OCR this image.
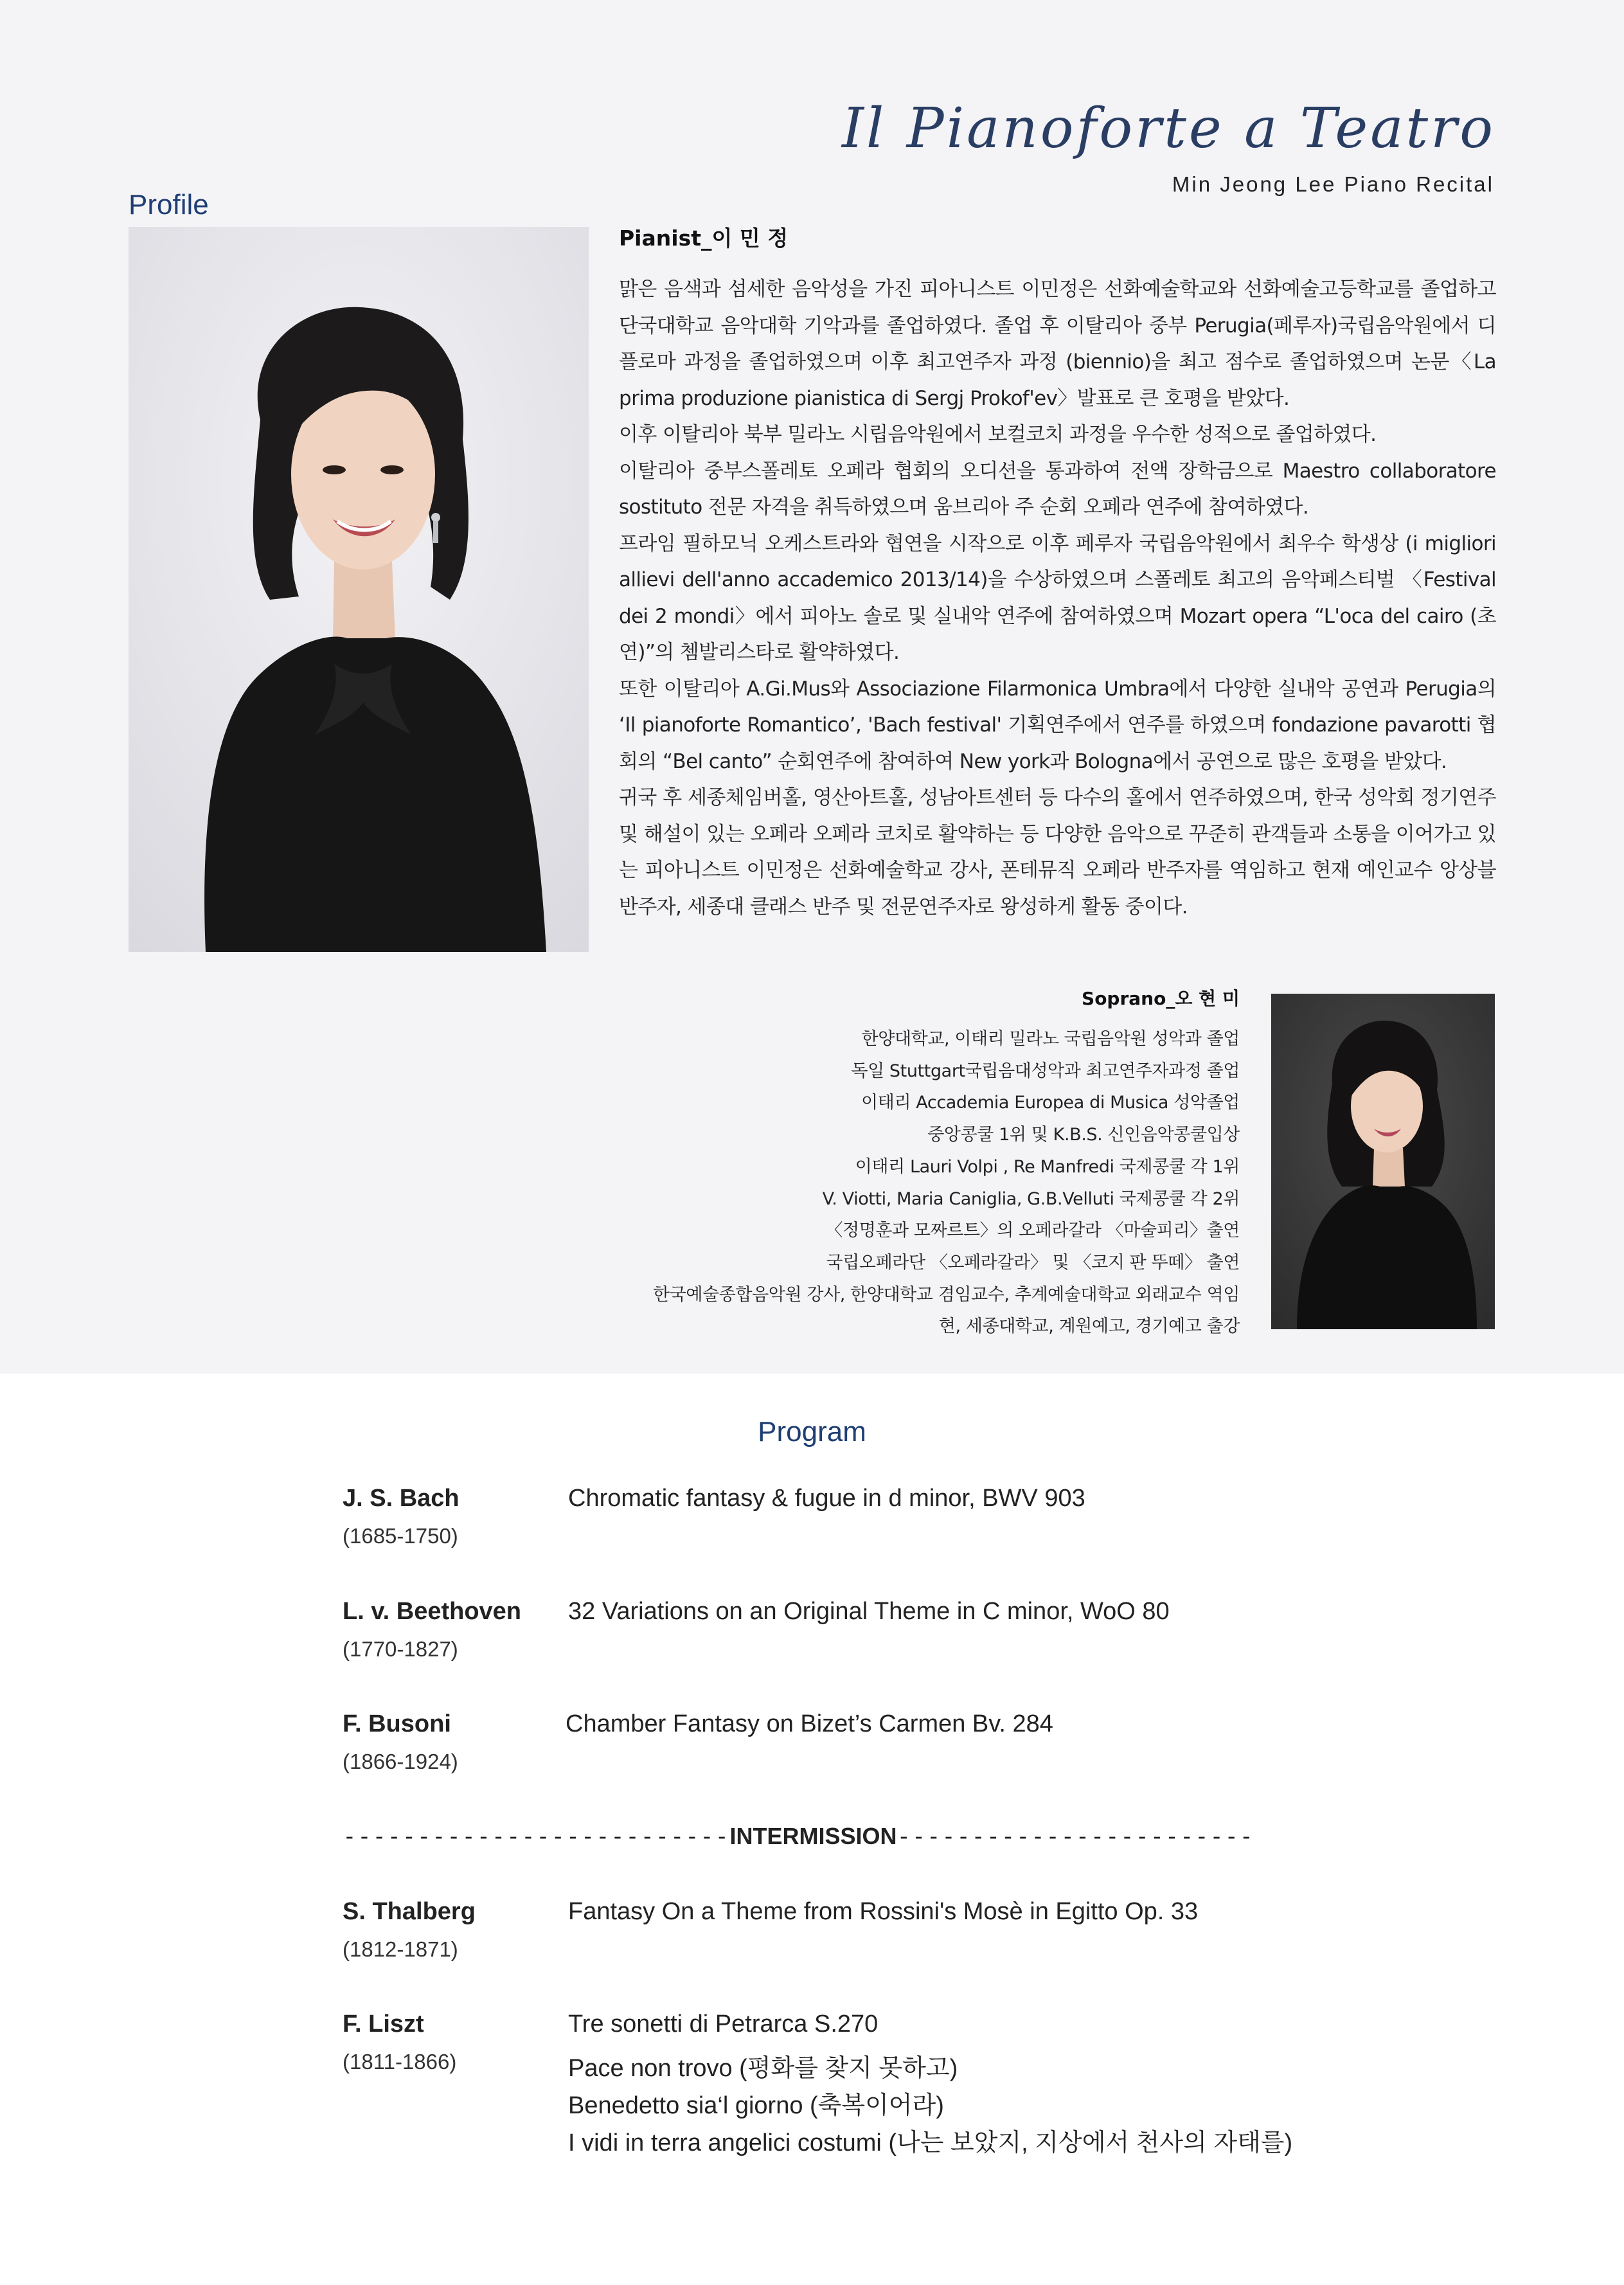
Il Pianoforte a Teatro
Min Jeong Lee Piano Recital
Profile
Pianist_이 민 정

맑은 음색과 섬세한 음악성을 가진 피아니스트 이민정은 선화예술학교와 선화예술고등학교를 졸업하고 단국대학교 음악대학 기악과를 졸업하였다. 졸업 후 이탈리아 중부 Perugia(페루자)국립음악원에서 디플로마 과정을 졸업하였으며 이후 최고연주자 과정 (biennio)을 최고 점수로 졸업하였으며 논문〈La prima produzione pianistica di Sergj Prokof'ev〉발표로 큰 호평을 받았다.

이후 이탈리아 북부 밀라노 시립음악원에서 보컬코치 과정을 우수한 성적으로 졸업하였다.

이탈리아 중부스폴레토 오페라 협회의 오디션을 통과하여 전액 장학금으로 Maestro collaboratore sostituto 전문 자격을 취득하였으며 움브리아 주 순회 오페라 연주에 참여하였다.

프라임 필하모닉 오케스트라와 협연을 시작으로 이후 페루자 국립음악원에서 최우수 학생상 (i migliori allievi dell'anno accademico 2013/14)을 수상하였으며 스폴레토 최고의 음악페스티벌 〈Festival dei 2 mondi〉에서 피아노 솔로 및 실내악 연주에 참여하였으며 Mozart opera “L'oca del cairo (초연)”의 쳄발리스타로 활약하였다.

또한 이탈리아 A.Gi.Mus와 Associazione Filarmonica Umbra에서 다양한 실내악 공연과 Perugia의 ‘Il pianoforte Romantico’, 'Bach festival' 기획연주에서 연주를 하였으며 fondazione pavarotti 협회의 “Bel canto” 순회연주에 참여하여 New york과 Bologna에서 공연으로 많은 호평을 받았다.

귀국 후 세종체임버홀, 영산아트홀, 성남아트센터 등 다수의 홀에서 연주하였으며, 한국 성악회 정기연주 및 해설이 있는 오페라 오페라 코치로 활약하는 등 다양한 음악으로 꾸준히 관객들과 소통을 이어가고 있는 피아니스트 이민정은 선화예술학교 강사, 폰테뮤직 오페라 반주자를 역임하고 현재 예인교수 앙상블 반주자, 세종대 클래스 반주 및 전문연주자로 왕성하게 활동 중이다.

Soprano_오 현 미
한양대학교, 이태리 밀라노 국립음악원 성악과 졸업
독일 Stuttgart국립음대성악과 최고연주자과정 졸업
이태리 Accademia Europea di Musica 성악졸업
중앙콩쿨 1위 및 K.B.S. 신인음악콩쿨입상
이태리 Lauri Volpi , Re Manfredi 국제콩쿨 각 1위
V. Viotti, Maria Caniglia, G.B.Velluti 국제콩쿨 각 2위
〈정명훈과 모짜르트〉의 오페라갈라 〈마술피리〉출연
국립오페라단 〈오페라갈라〉 및 〈코지 판 뚜떼〉 출연
한국예술종합음악원 강사, 한양대학교 겸임교수, 추계예술대학교 외래교수 역임
현, 세종대학교, 계원예고, 경기예고 출강
Program
J. S. Bach
(1685-1750)
Chromatic fantasy & fugue in d minor, BWV 903
L. v. Beethoven
(1770-1827)
32 Variations on an Original Theme in C minor, WoO 80
F. Busoni
(1866-1924)
Chamber Fantasy on Bizet’s Carmen Bv. 284
--------------------------INTERMISSION------------------------
S. Thalberg
(1812-1871)
Fantasy On a Theme from Rossini's Mosè in Egitto Op. 33
F. Liszt
(1811-1866)
Tre sonetti di Petrarca S.270
Pace non trovo (평화를 찾지 못하고)
Benedetto sia‘l giorno (축복이어라)
I vidi in terra angelici costumi (나는 보았지, 지상에서 천사의 자태를)
